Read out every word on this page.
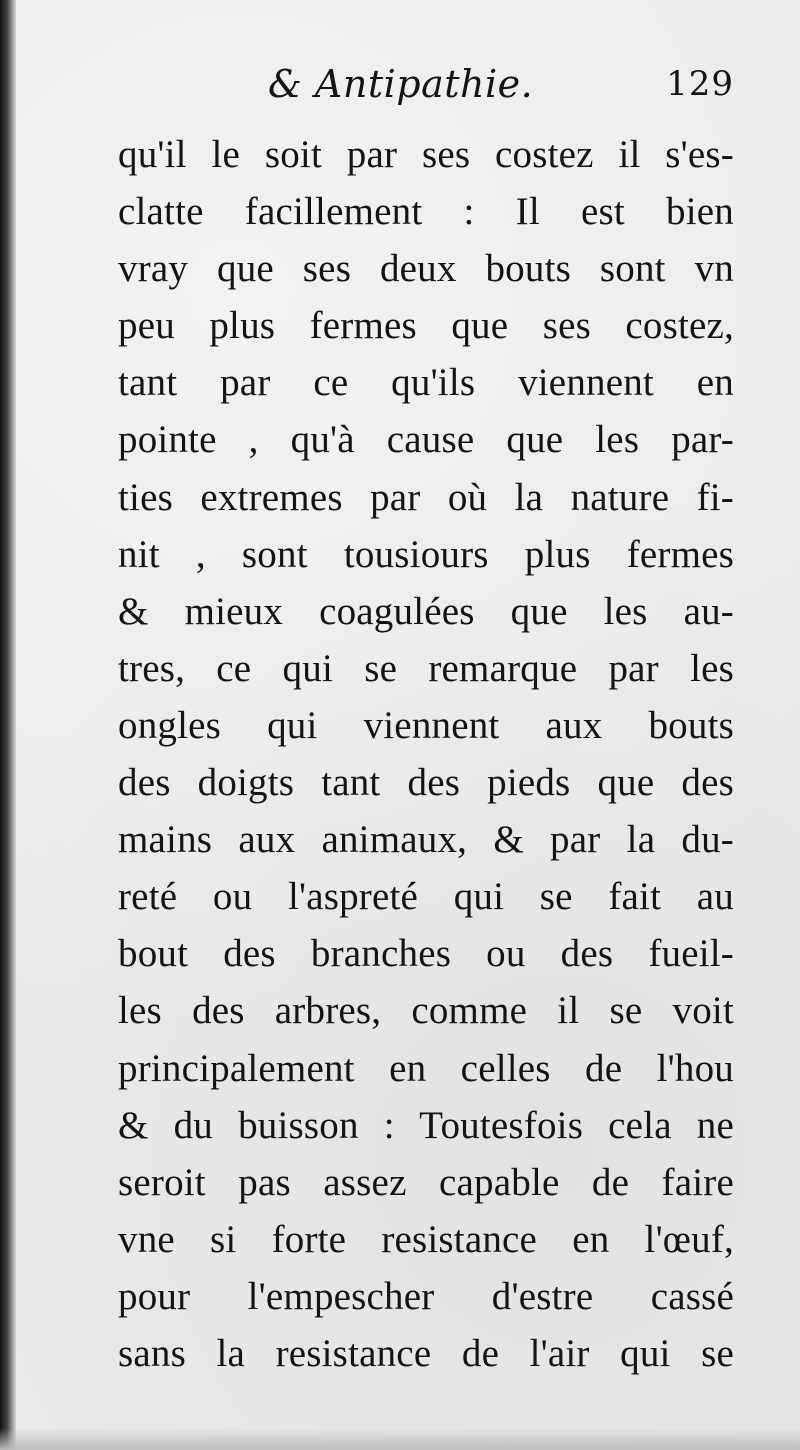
& Antipathie.	129
qu'il le soit par ses costez il s'es-
clatte facillement : Il est bien
vray que ses deux bouts sont vn
peu plus fermes que ses costez,
tant par ce qu'ils viennent en
pointe , qu'à cause que les par-
ties extremes par où la nature fi-
nit , sont tousiours plus fermes
& mieux coagulées que les au-
tres, ce qui se remarque par les
ongles qui viennent aux bouts
des doigts tant des pieds que des
mains aux animaux, & par la du-
reté ou l'aspreté qui se fait au
bout des branches ou des fueil-
les des arbres, comme il se voit
principalement en celles de l'hou
& du buisson : Toutesfois cela ne
seroit pas assez capable de faire
vne si forte resistance en l'œuf,
pour l'empescher d'estre cassé
sans la resistance de l'air qui se
